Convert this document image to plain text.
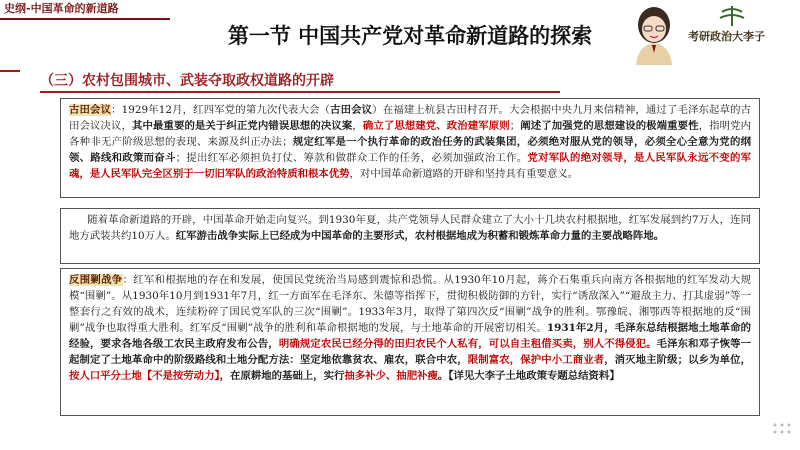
史纲-中国革命的新道路
第一节 中国共产党对革命新道路的探索	考研政治大李子
（三）农村包围城市、武装夺取政权道路的开辟
古田会议：1929年12月，红四军党的第九次代表大会（古田会议）在福建上杭县古田村召开。大会根据中央九月来信精神，通过了毛泽东起草的古田会议决议，其中最重要的是关于纠正党内错误思想的决议案，确立了思想建党、政治建军原则；阐述了加强党的思想建设的极端重要性，指明党内各种非无产阶级思想的表现、来源及纠正办法；规定红军是一个执行革命的政治任务的武装集团，必须绝对服从党的领导，必须全心全意为党的纲领、路线和政策而奋斗；提出红军必须担负打仗、筹款和做群众工作的任务，必须加强政治工作。党对军队的绝对领导，是人民军队永远不变的军魂，是人民军队完全区别于一切旧军队的政治特质和根本优势，对中国革命新道路的开辟和坚持具有重要意义。
随着革命新道路的开辟，中国革命开始走向复兴。到1930年夏，共产党领导人民群众建立了大小十几块农村根据地，红军发展到约7万人，连同地方武装共约10万人。红军游击战争实际上已经成为中国革命的主要形式，农村根据地成为积蓄和锻炼革命力量的主要战略阵地。
反围剿战争：红军和根据地的存在和发展，使国民党统治当局感到震惊和恐慌。从1930年10月起，蒋介石集重兵向南方各根据地的红军发动大规模“围剿”。从1930年10月到1931年7月，红一方面军在毛泽东、朱德等指挥下，贯彻积极防御的方针，实行“诱敌深入”“避敌主力、打其虚弱”等一整套行之有效的战术，连续粉碎了国民党军队的三次“围剿”。1933年3月，取得了第四次反“围剿”战争的胜利。鄂豫皖、湘鄂西等根据地的反“围剿”战争也取得重大胜利。红军反“围剿”战争的胜利和革命根据地的发展，与土地革命的开展密切相关。1931年2月，毛泽东总结根据地土地革命的经验，要求各地各级工农民主政府发布公告，明确规定农民已经分得的田归农民个人私有，可以自主租借买卖，别人不得侵犯。毛泽东和邓子恢等一起制定了土地革命中的阶级路线和土地分配方法：坚定地依靠贫农、雇农，联合中农，限制富农，保护中小工商业者，消灭地主阶级；以乡为单位，按人口平分土地【不是按劳动力】，在原耕地的基础上，实行抽多补少、抽肥补瘦。【详见大李子土地政策专题总结资料】
